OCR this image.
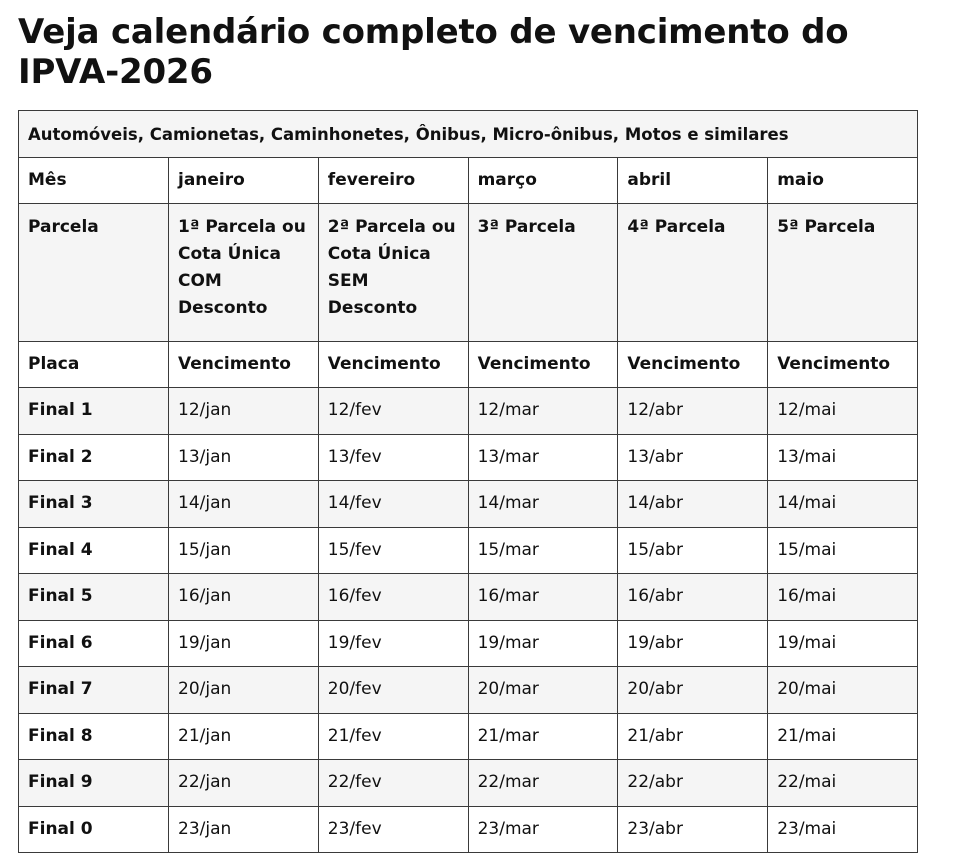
Veja calendário completo de vencimento do IPVA-2026
Automóveis, Camionetas, Caminhonetes, Ônibus, Micro-ônibus, Motos e similares					
Mês	janeiro	fevereiro	março	abril	maio
Parcela	1ª Parcela ou Cota Única COM Desconto	2ª Parcela ou Cota Única SEM Desconto	3ª Parcela	4ª Parcela	5ª Parcela
Placa	Vencimento	Vencimento	Vencimento	Vencimento	Vencimento
Final 1	12/jan	12/fev	12/mar	12/abr	12/mai
Final 2	13/jan	13/fev	13/mar	13/abr	13/mai
Final 3	14/jan	14/fev	14/mar	14/abr	14/mai
Final 4	15/jan	15/fev	15/mar	15/abr	15/mai
Final 5	16/jan	16/fev	16/mar	16/abr	16/mai
Final 6	19/jan	19/fev	19/mar	19/abr	19/mai
Final 7	20/jan	20/fev	20/mar	20/abr	20/mai
Final 8	21/jan	21/fev	21/mar	21/abr	21/mai
Final 9	22/jan	22/fev	22/mar	22/abr	22/mai
Final 0	23/jan	23/fev	23/mar	23/abr	23/mai
